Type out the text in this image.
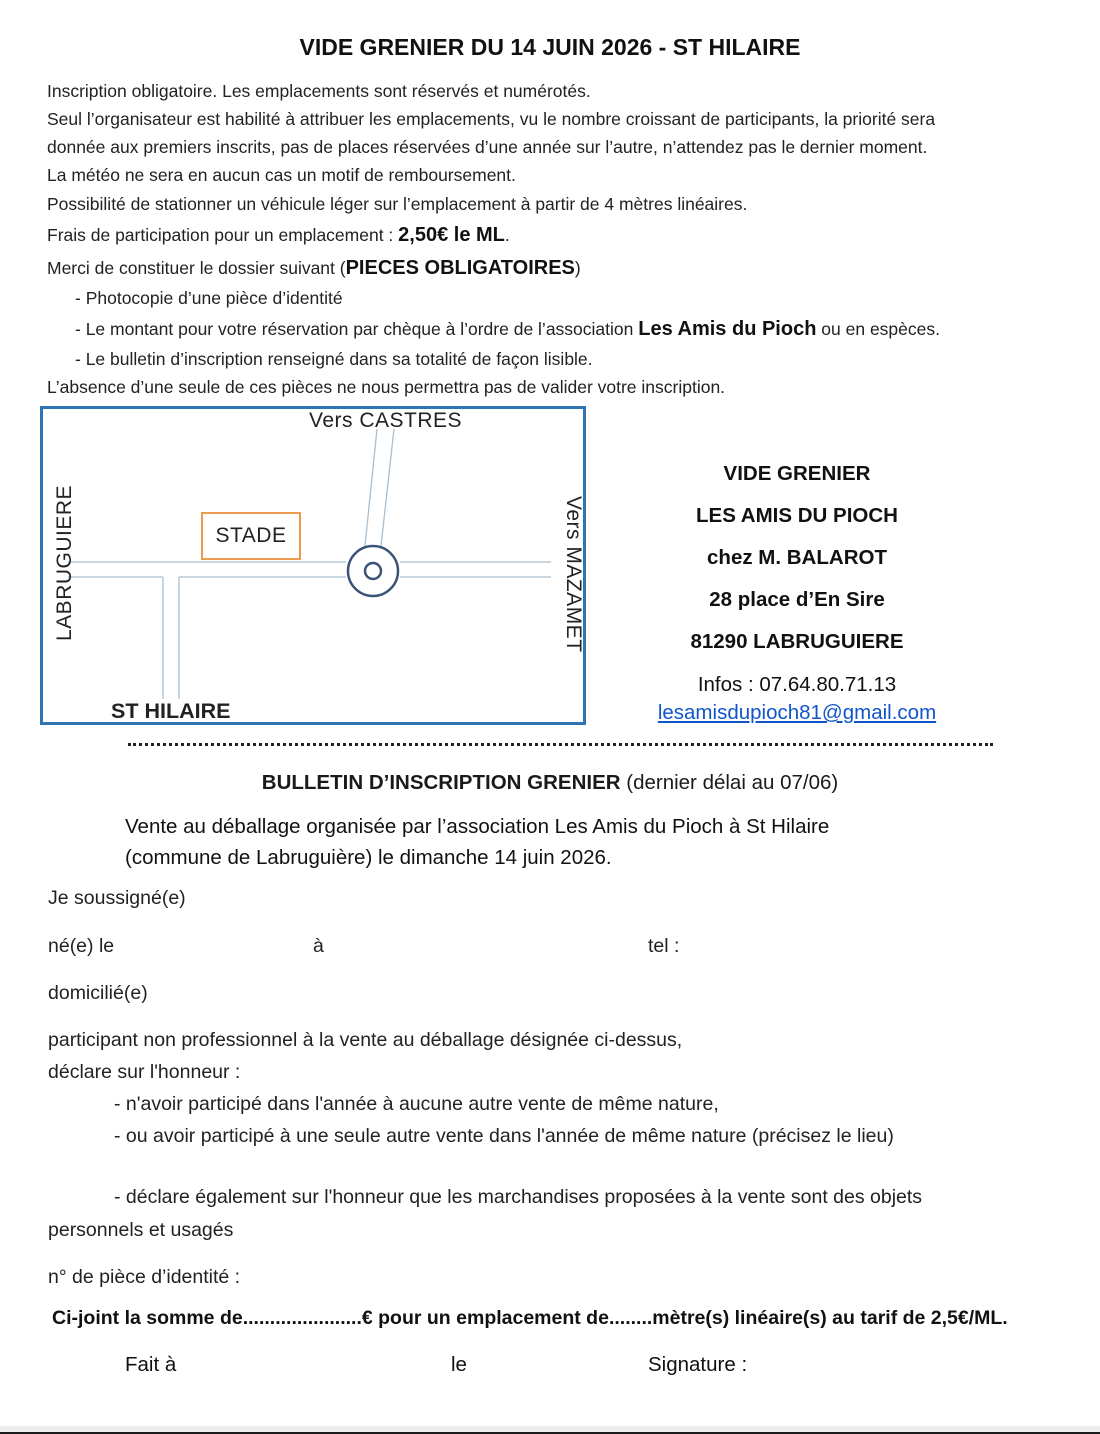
VIDE GRENIER DU 14 JUIN 2026 - ST HILAIRE
Inscription obligatoire. Les emplacements sont réservés et numérotés.
Seul l’organisateur est habilité à attribuer les emplacements, vu le nombre croissant de participants, la priorité sera
donnée aux premiers inscrits, pas de places réservées d’une année sur l’autre, n’attendez pas le dernier moment.
La météo ne sera en aucun cas un motif de remboursement.
Possibilité de stationner un véhicule léger sur l’emplacement à partir de 4 mètres linéaires.
Frais de participation pour un emplacement : 2,50€ le ML.
Merci de constituer le dossier suivant (PIECES OBLIGATOIRES)
- Photocopie d’une pièce d’identité
- Le montant pour votre réservation par chèque à l’ordre de l’association Les Amis du Pioch ou en espèces.
- Le bulletin d’inscription renseigné dans sa totalité de façon lisible.
L’absence d’une seule de ces pièces ne nous permettra pas de valider votre inscription.
Vers CASTRES
LABRUGUIERE	Vers MAZAMET
ST HILAIRE
STADE
VIDE GRENIER
LES AMIS DU PIOCH
chez M. BALAROT
28 place d’En Sire
81290 LABRUGUIERE
Infos : 07.64.80.71.13
lesamisdupioch81@gmail.com
BULLETIN D’INSCRIPTION GRENIER (dernier délai au 07/06)
Vente au déballage organisée par l’association Les Amis du Pioch à St Hilaire
(commune de Labruguière) le dimanche 14 juin 2026.
Je soussigné(e)
né(e) le	à	tel :
domicilié(e)
participant non professionnel à la vente au déballage désignée ci-dessus,
déclare sur l'honneur :
- n'avoir participé dans l'année à aucune autre vente de même nature,
- ou avoir participé à une seule autre vente dans l'année de même nature (précisez le lieu)
- déclare également sur l'honneur que les marchandises proposées à la vente sont des objets
personnels et usagés
n° de pièce d’identité :
Ci-joint la somme de......................€ pour un emplacement de........mètre(s) linéaire(s) au tarif de 2,5€/ML.
Fait à	le	Signature :
